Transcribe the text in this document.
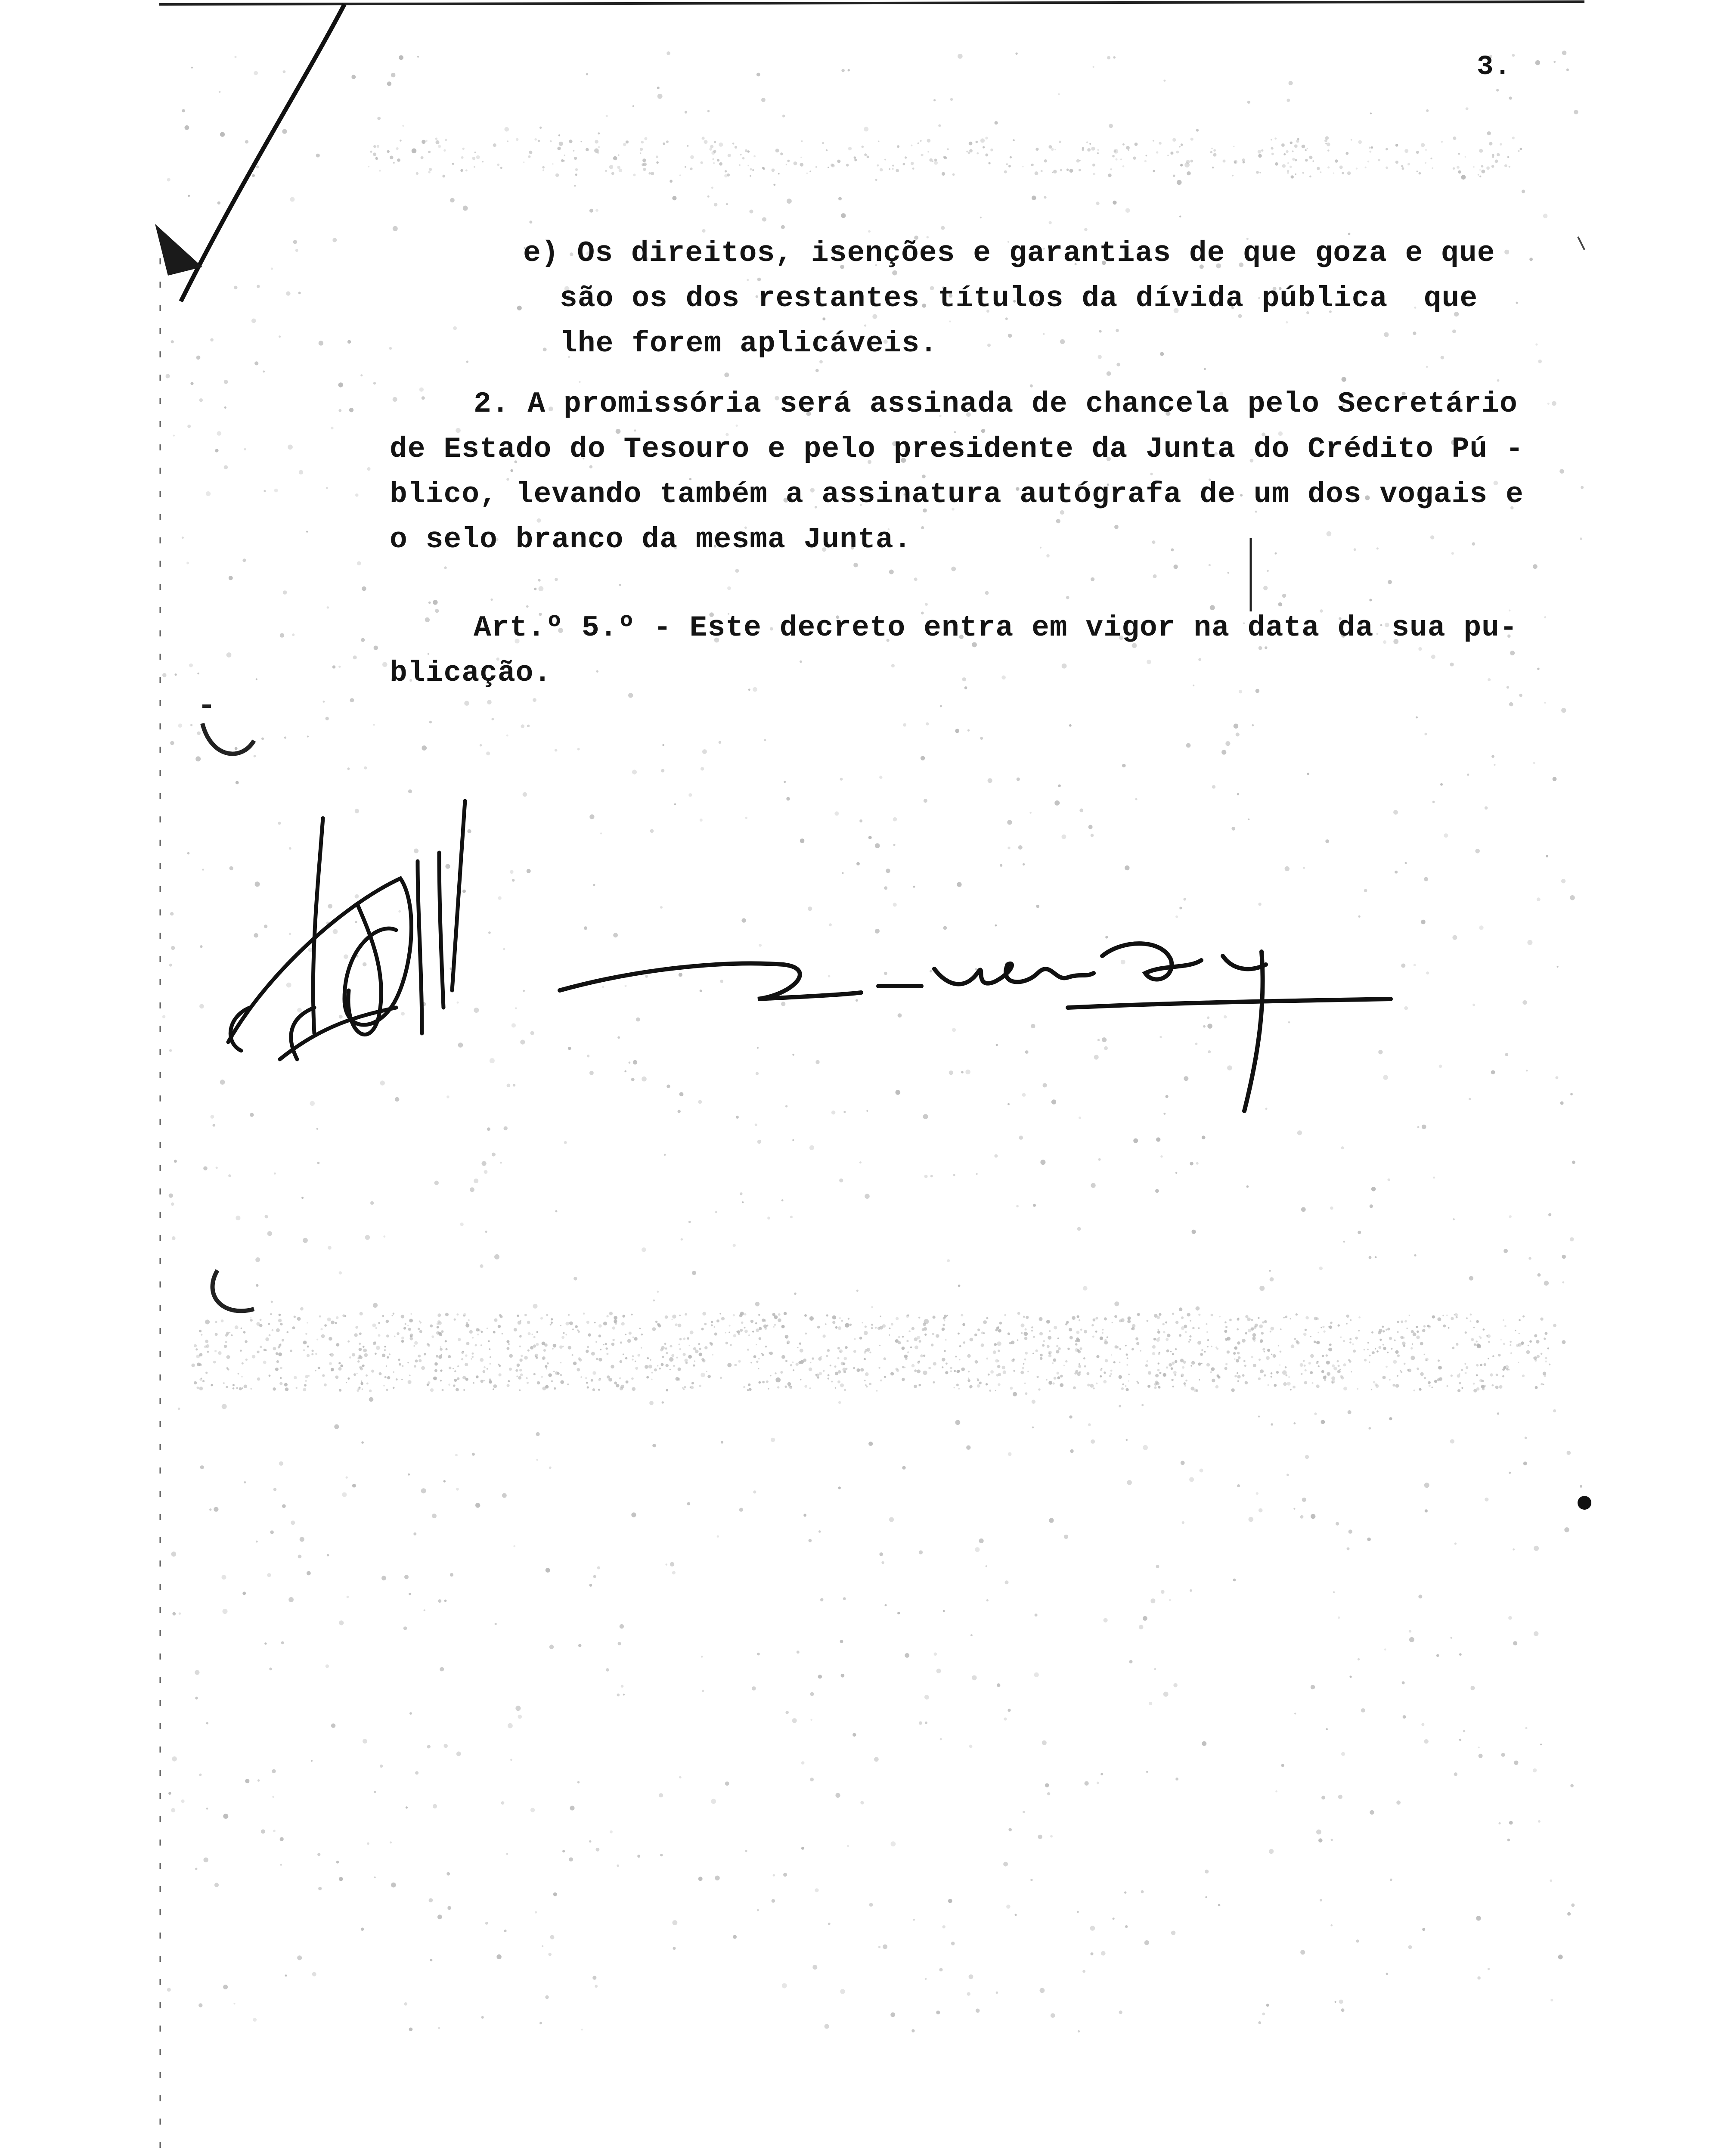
3.
e) Os direitos, isenções e garantias de que goza e que
são os dos restantes títulos da dívida pública  que
lhe forem aplicáveis.
2. A promissória será assinada de chancela pelo Secretário
de Estado do Tesouro e pelo presidente da Junta do Crédito Pú -
blico, levando também a assinatura autógrafa de um dos vogais e
o selo branco da mesma Junta.
Art.º 5.º - Este decreto entra em vigor na data da sua pu-
blicação.
